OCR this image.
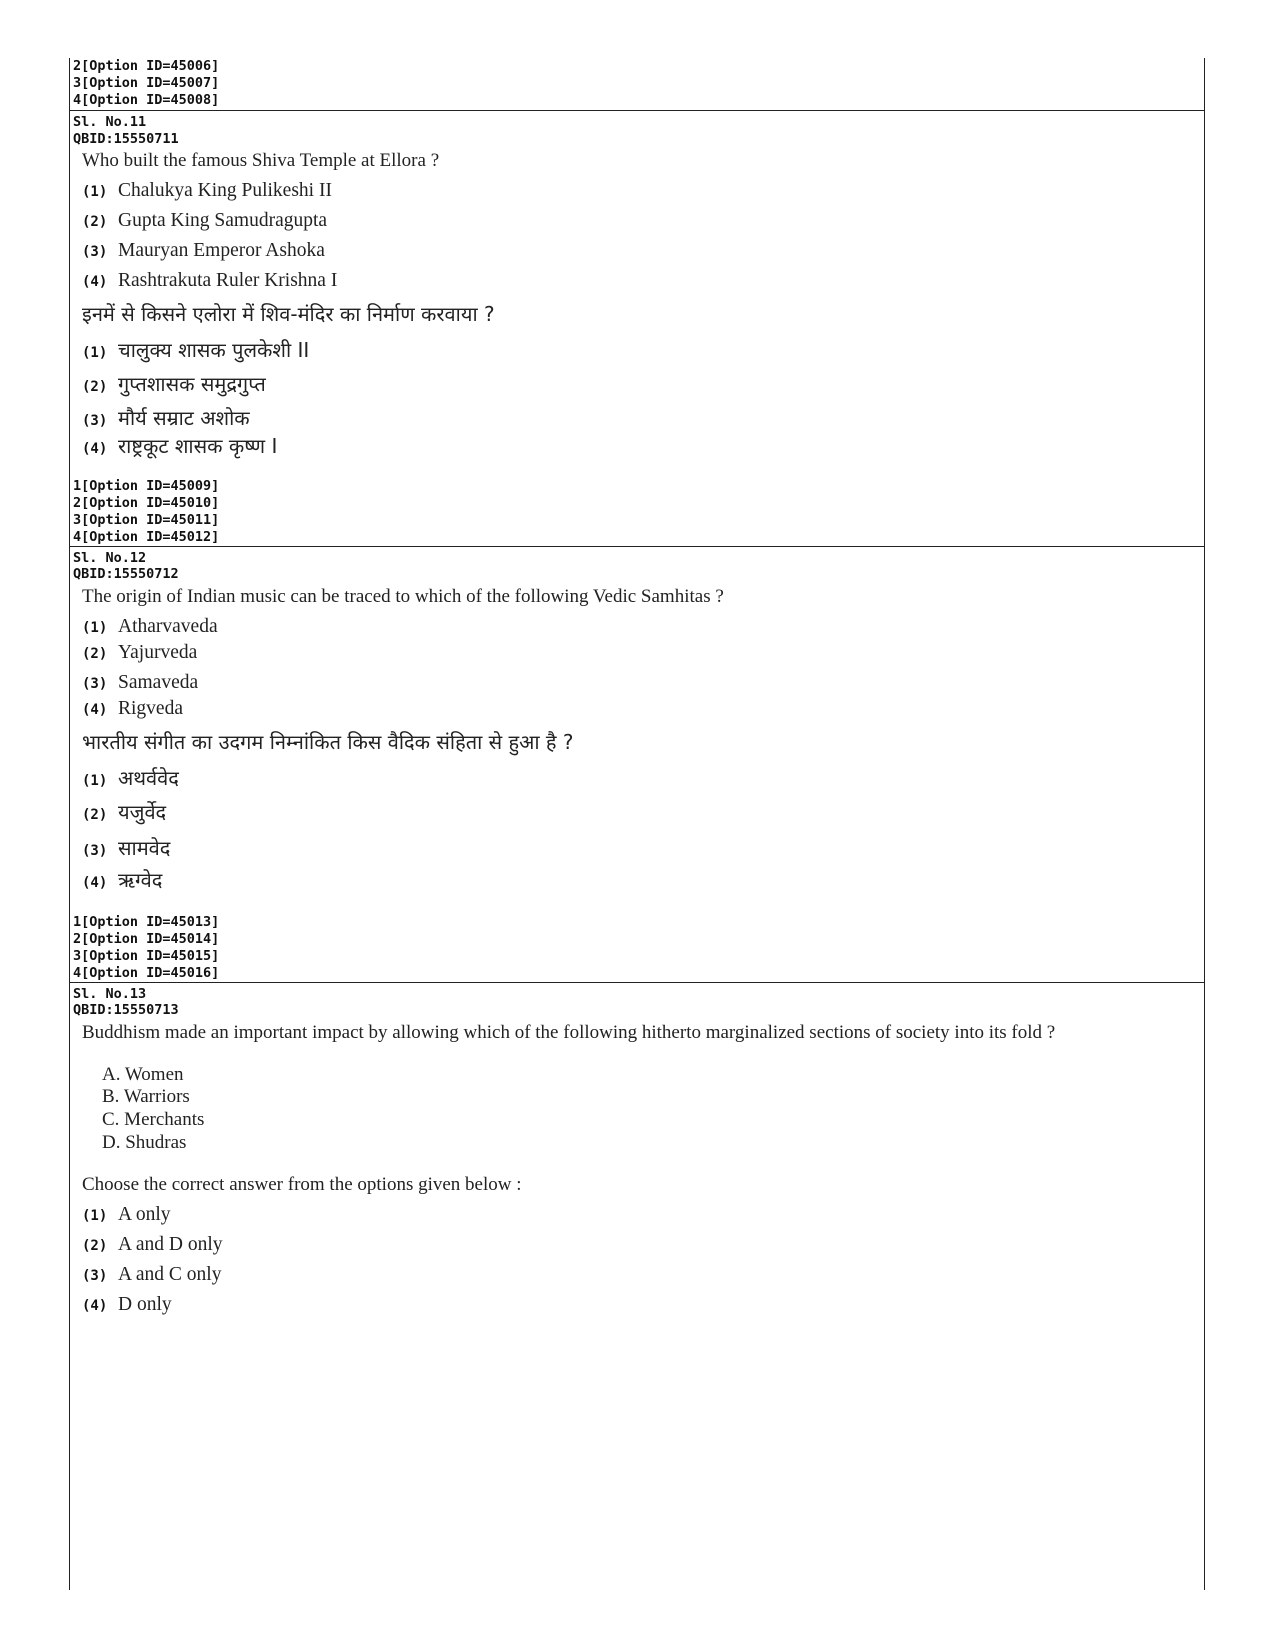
2[Option ID=45006]
3[Option ID=45007]
4[Option ID=45008]
Sl. No.11
QBID:15550711
Who built the famous Shiva Temple at Ellora ?
(1) Chalukya King Pulikeshi II
(2) Gupta King Samudragupta
(3) Mauryan Emperor Ashoka
(4) Rashtrakuta Ruler Krishna I
इनमें से किसने एलोरा में शिव-मंदिर का निर्माण करवाया ?
(1) चालुक्य शासक पुलकेशी II
(2) गुप्तशासक समुद्रगुप्त
(3) मौर्य सम्राट अशोक
(4) राष्ट्रकूट शासक कृष्ण I
1[Option ID=45009]
2[Option ID=45010]
3[Option ID=45011]
4[Option ID=45012]
Sl. No.12
QBID:15550712
The origin of Indian music can be traced to which of the following Vedic Samhitas ?
(1) Atharvaveda
(2) Yajurveda
(3) Samaveda
(4) Rigveda
भारतीय संगीत का उदगम निम्नांकित किस वैदिक संहिता से हुआ है ?
(1) अथर्ववेद
(2) यजुर्वेद
(3) सामवेद
(4) ऋग्वेद
1[Option ID=45013]
2[Option ID=45014]
3[Option ID=45015]
4[Option ID=45016]
Sl. No.13
QBID:15550713
Buddhism made an important impact by allowing which of the following hitherto marginalized sections of society into its fold ?
A. Women
B. Warriors
C. Merchants
D. Shudras
Choose the correct answer from the options given below :
(1) A only
(2) A and D only
(3) A and C only
(4) D only
